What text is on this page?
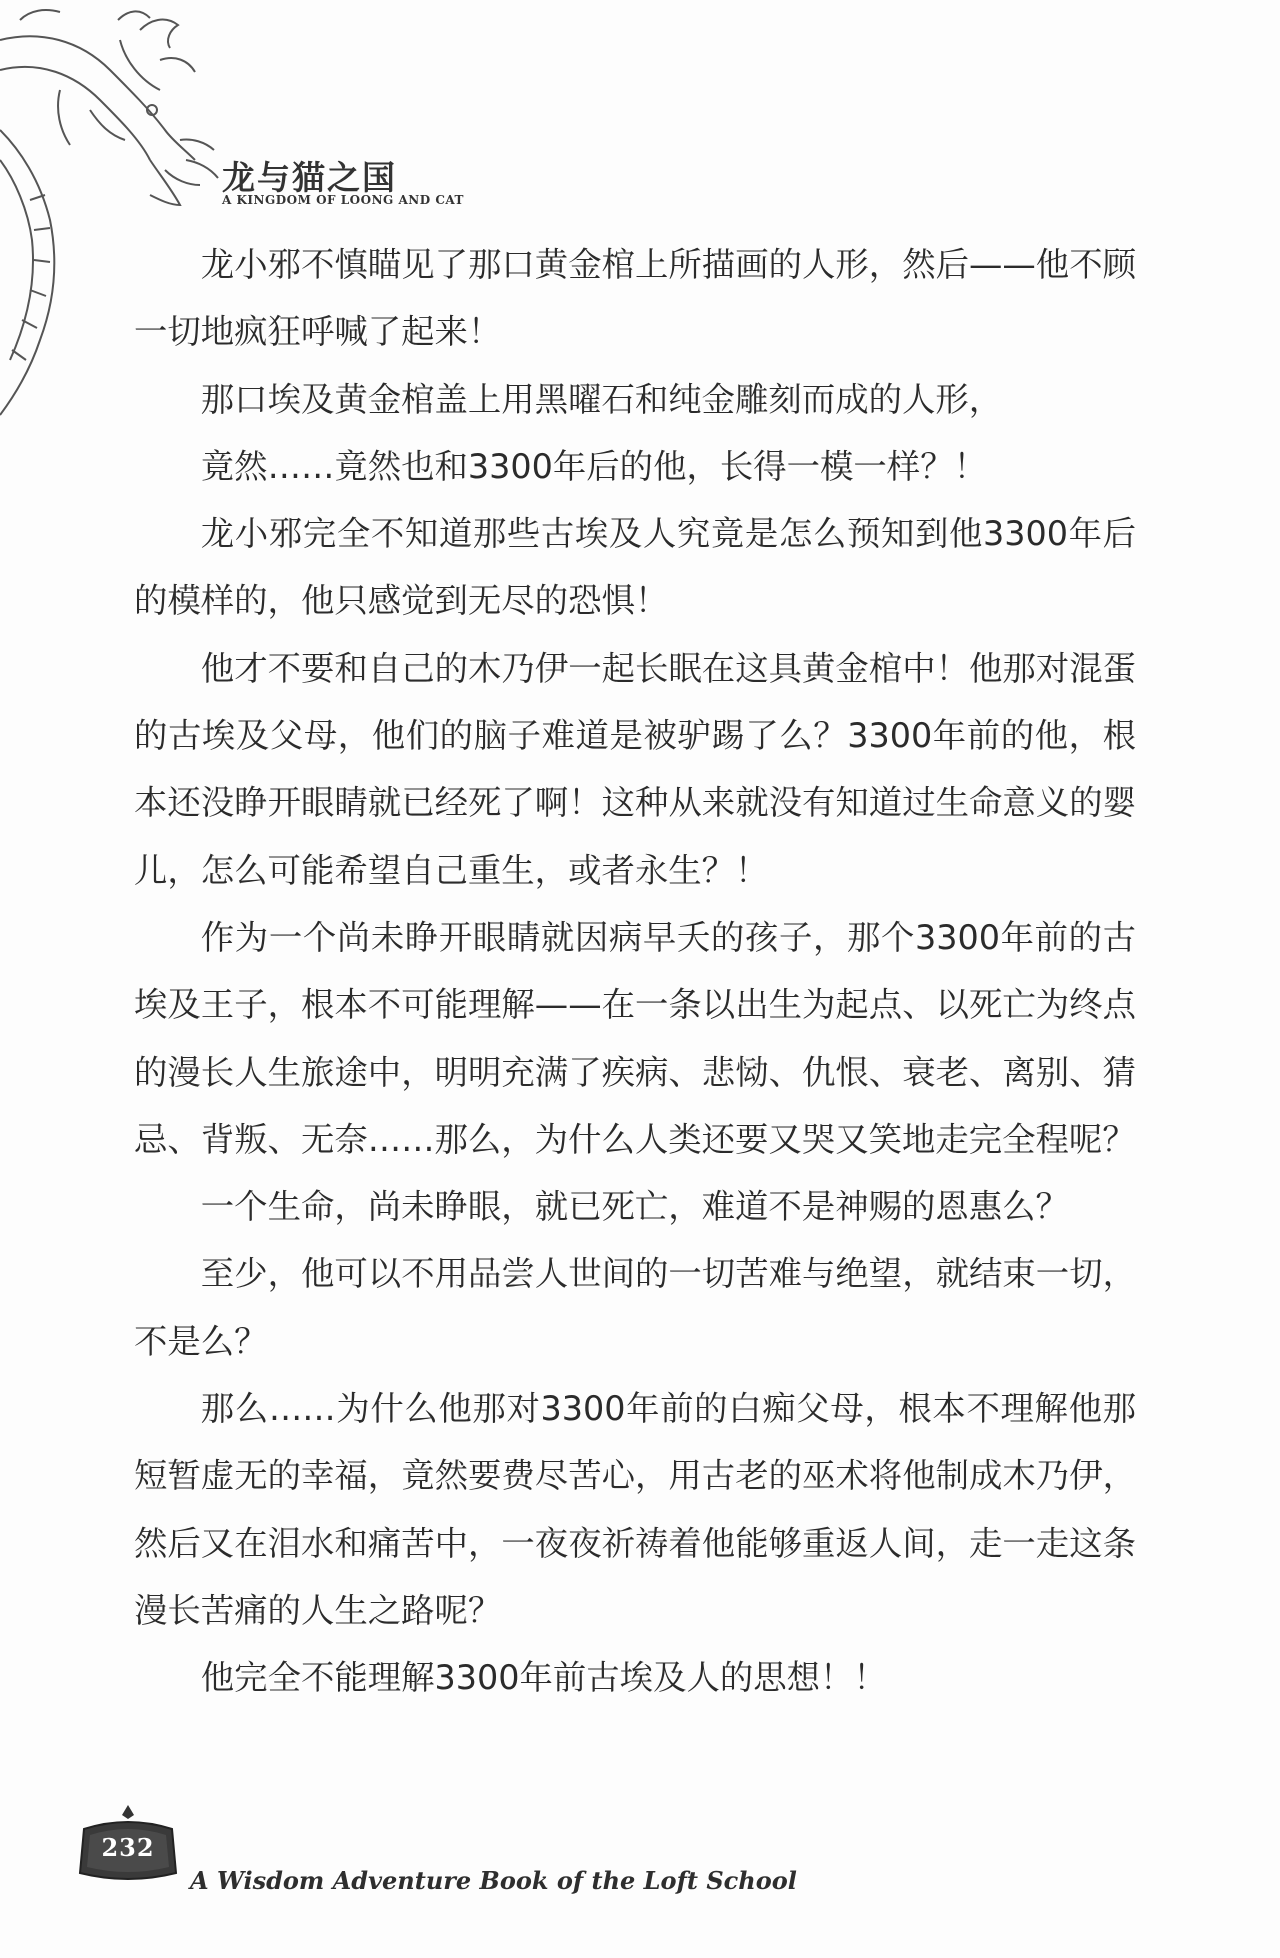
龙与猫之国
A KINGDOM OF LOONG AND CAT

龙小邪不慎瞄见了那口黄金棺上所描画的人形，然后——他不顾一切地疯狂呼喊了起来！

那口埃及黄金棺盖上用黑曜石和纯金雕刻而成的人形，

竟然……竟然也和3300年后的他，长得一模一样？！

龙小邪完全不知道那些古埃及人究竟是怎么预知到他3300年后的模样的，他只感觉到无尽的恐惧！

他才不要和自己的木乃伊一起长眠在这具黄金棺中！他那对混蛋的古埃及父母，他们的脑子难道是被驴踢了么？3300年前的他，根本还没睁开眼睛就已经死了啊！这种从来就没有知道过生命意义的婴儿，怎么可能希望自己重生，或者永生？！

作为一个尚未睁开眼睛就因病早夭的孩子，那个3300年前的古埃及王子，根本不可能理解——在一条以出生为起点、以死亡为终点的漫长人生旅途中，明明充满了疾病、悲恸、仇恨、衰老、离别、猜忌、背叛、无奈……那么，为什么人类还要又哭又笑地走完全程呢？

一个生命，尚未睁眼，就已死亡，难道不是神赐的恩惠么？

至少，他可以不用品尝人世间的一切苦难与绝望，就结束一切，不是么？

那么……为什么他那对3300年前的白痴父母，根本不理解他那短暂虚无的幸福，竟然要费尽苦心，用古老的巫术将他制成木乃伊，然后又在泪水和痛苦中，一夜夜祈祷着他能够重返人间，走一走这条漫长苦痛的人生之路呢？

他完全不能理解3300年前古埃及人的思想！！

232
A Wisdom Adventure Book of the Loft School
